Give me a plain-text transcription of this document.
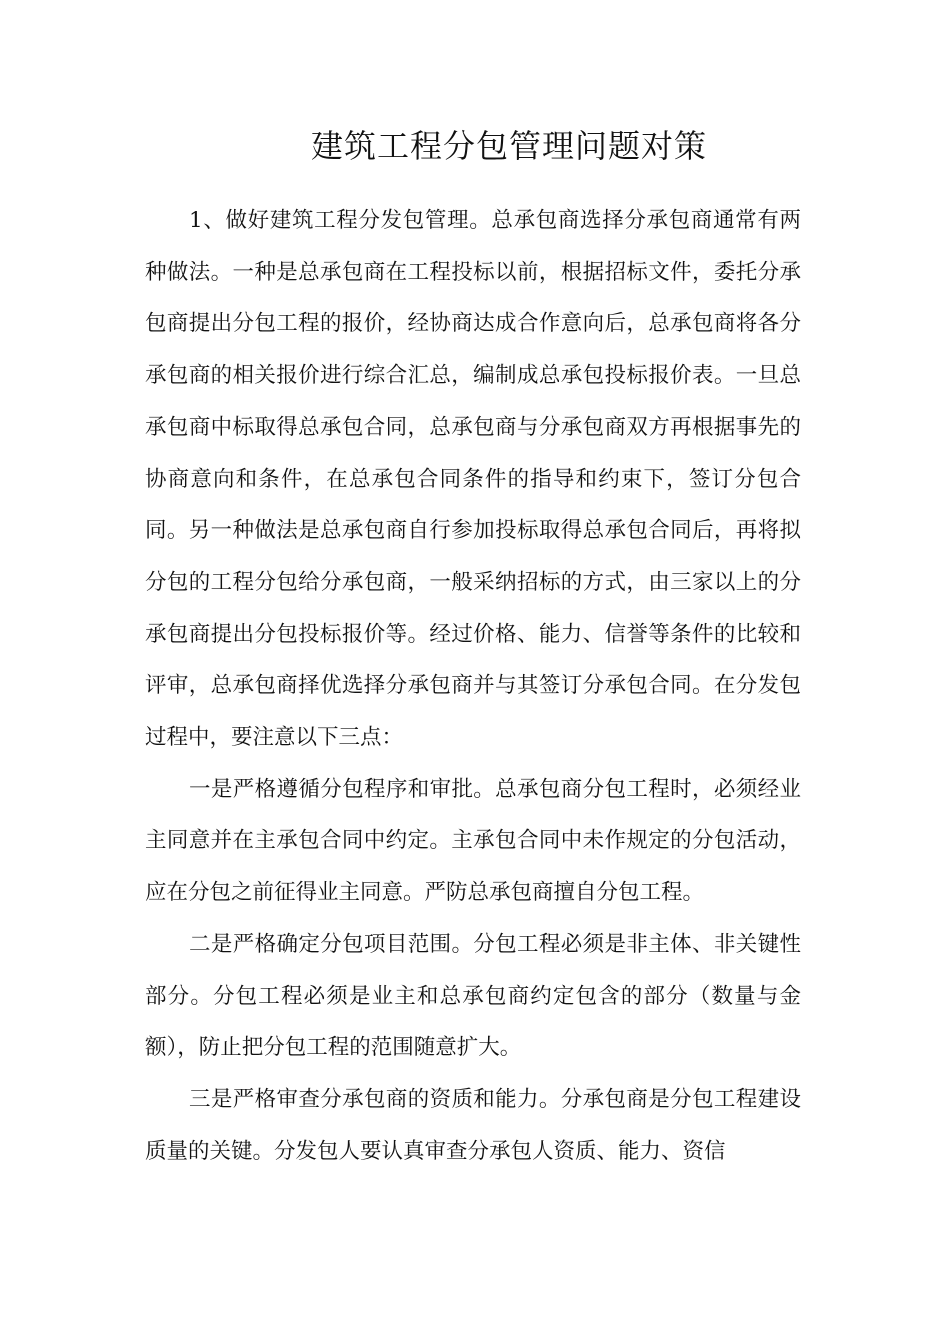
建筑工程分包管理问题对策

1、做好建筑工程分发包管理。总承包商选择分承包商通常有两种做法。一种是总承包商在工程投标以前，根据招标文件，委托分承包商提出分包工程的报价，经协商达成合作意向后，总承包商将各分承包商的相关报价进行综合汇总，编制成总承包投标报价表。一旦总承包商中标取得总承包合同，总承包商与分承包商双方再根据事先的协商意向和条件，在总承包合同条件的指导和约束下，签订分包合同。另一种做法是总承包商自行参加投标取得总承包合同后，再将拟分包的工程分包给分承包商，一般采纳招标的方式，由三家以上的分承包商提出分包投标报价等。经过价格、能力、信誉等条件的比较和评审，总承包商择优选择分承包商并与其签订分承包合同。在分发包过程中，要注意以下三点：

一是严格遵循分包程序和审批。总承包商分包工程时，必须经业主同意并在主承包合同中约定。主承包合同中未作规定的分包活动，应在分包之前征得业主同意。严防总承包商擅自分包工程。

二是严格确定分包项目范围。分包工程必须是非主体、非关键性部分。分包工程必须是业主和总承包商约定包含的部分（数量与金额），防止把分包工程的范围随意扩大。

三是严格审查分承包商的资质和能力。分承包商是分包工程建设质量的关键。分发包人要认真审查分承包人资质、能力、资信
